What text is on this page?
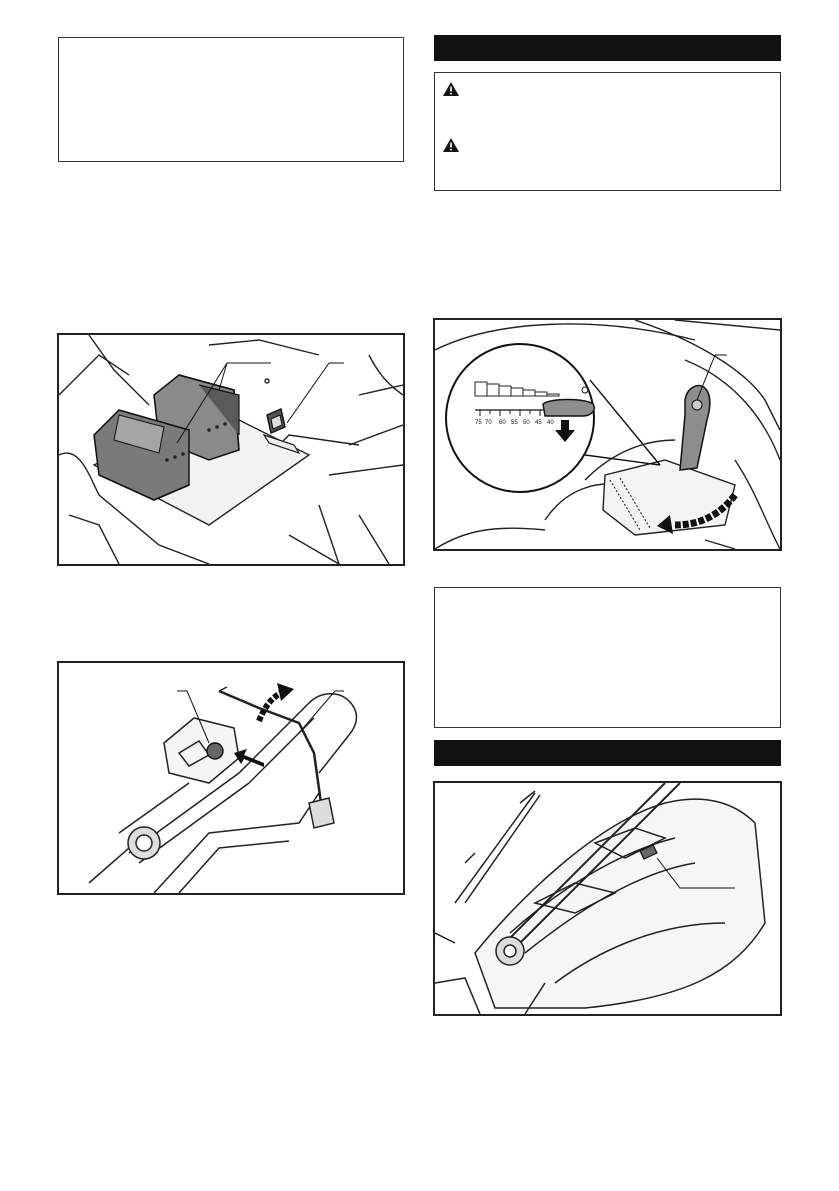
75 70 60 55 50 45 40
